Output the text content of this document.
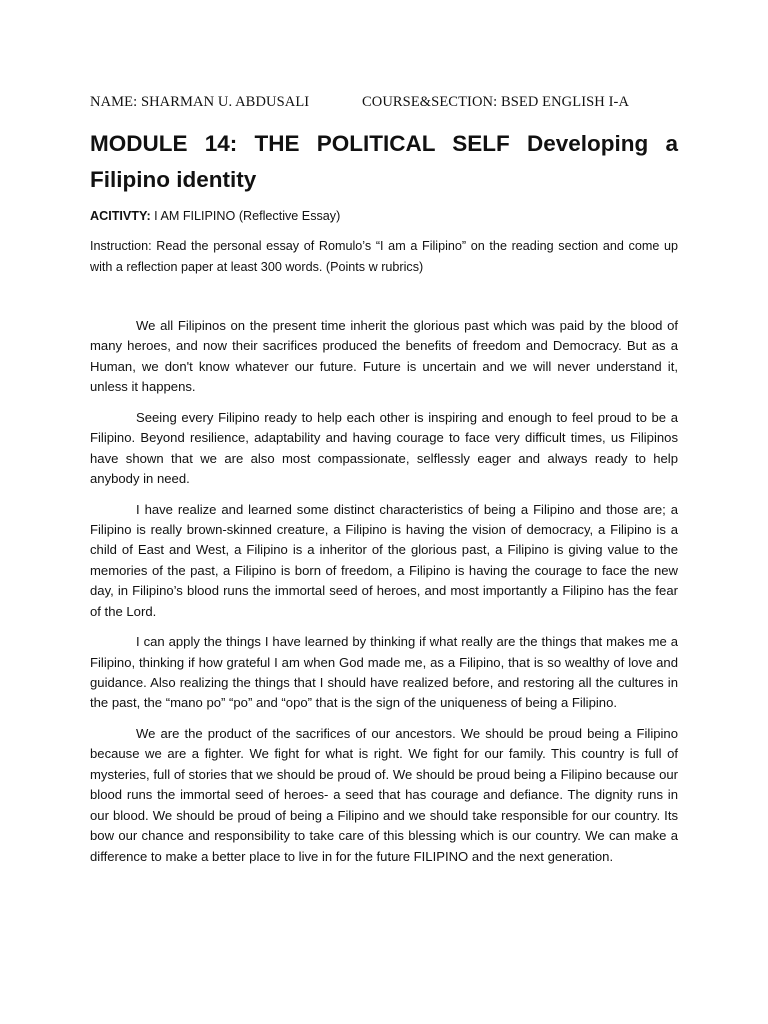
NAME: SHARMAN U. ABDUSALI	COURSE&SECTION: BSED ENGLISH I-A
MODULE 14: THE POLITICAL SELF Developing a Filipino identity
ACITIVTY: I AM FILIPINO (Reflective Essay)

Instruction: Read the personal essay of Romulo’s “I am a Filipino” on the reading section and come up with a reflection paper at least 300 words. (Points w rubrics)

We all Filipinos on the present time inherit the glorious past which was paid by the blood of many heroes, and now their sacrifices produced the benefits of freedom and Democracy. But as a Human, we don't know whatever our future. Future is uncertain and we will never understand it, unless it happens.

Seeing every Filipino ready to help each other is inspiring and enough to feel proud to be a Filipino. Beyond resilience, adaptability and having courage to face very difficult times, us Filipinos have shown that we are also most compassionate, selflessly eager and always ready to help anybody in need.

I have realize and learned some distinct characteristics of being a Filipino and those are; a Filipino is really brown-skinned creature, a Filipino is having the vision of democracy, a Filipino is a child of East and West, a Filipino is a inheritor of the glorious past, a Filipino is giving value to the memories of the past, a Filipino is born of freedom, a Filipino is having the courage to face the new day, in Filipino’s blood runs the immortal seed of heroes, and most importantly a Filipino has the fear of the Lord.

I can apply the things I have learned by thinking if what really are the things that makes me a Filipino, thinking if how grateful I am when God made me, as a Filipino, that is so wealthy of love and guidance. Also realizing the things that I should have realized before, and restoring all the cultures in the past, the “mano po” “po” and “opo” that is the sign of the uniqueness of being a Filipino.

We are the product of the sacrifices of our ancestors. We should be proud being a Filipino because we are a fighter. We fight for what is right. We fight for our family. This country is full of mysteries, full of stories that we should be proud of. We should be proud being a Filipino because our blood runs the immortal seed of heroes- a seed that has courage and defiance. The dignity runs in our blood. We should be proud of being a Filipino and we should take responsible for our country. Its bow our chance and responsibility to take care of this blessing which is our country. We can make a difference to make a better place to live in for the future FILIPINO and the next generation.
